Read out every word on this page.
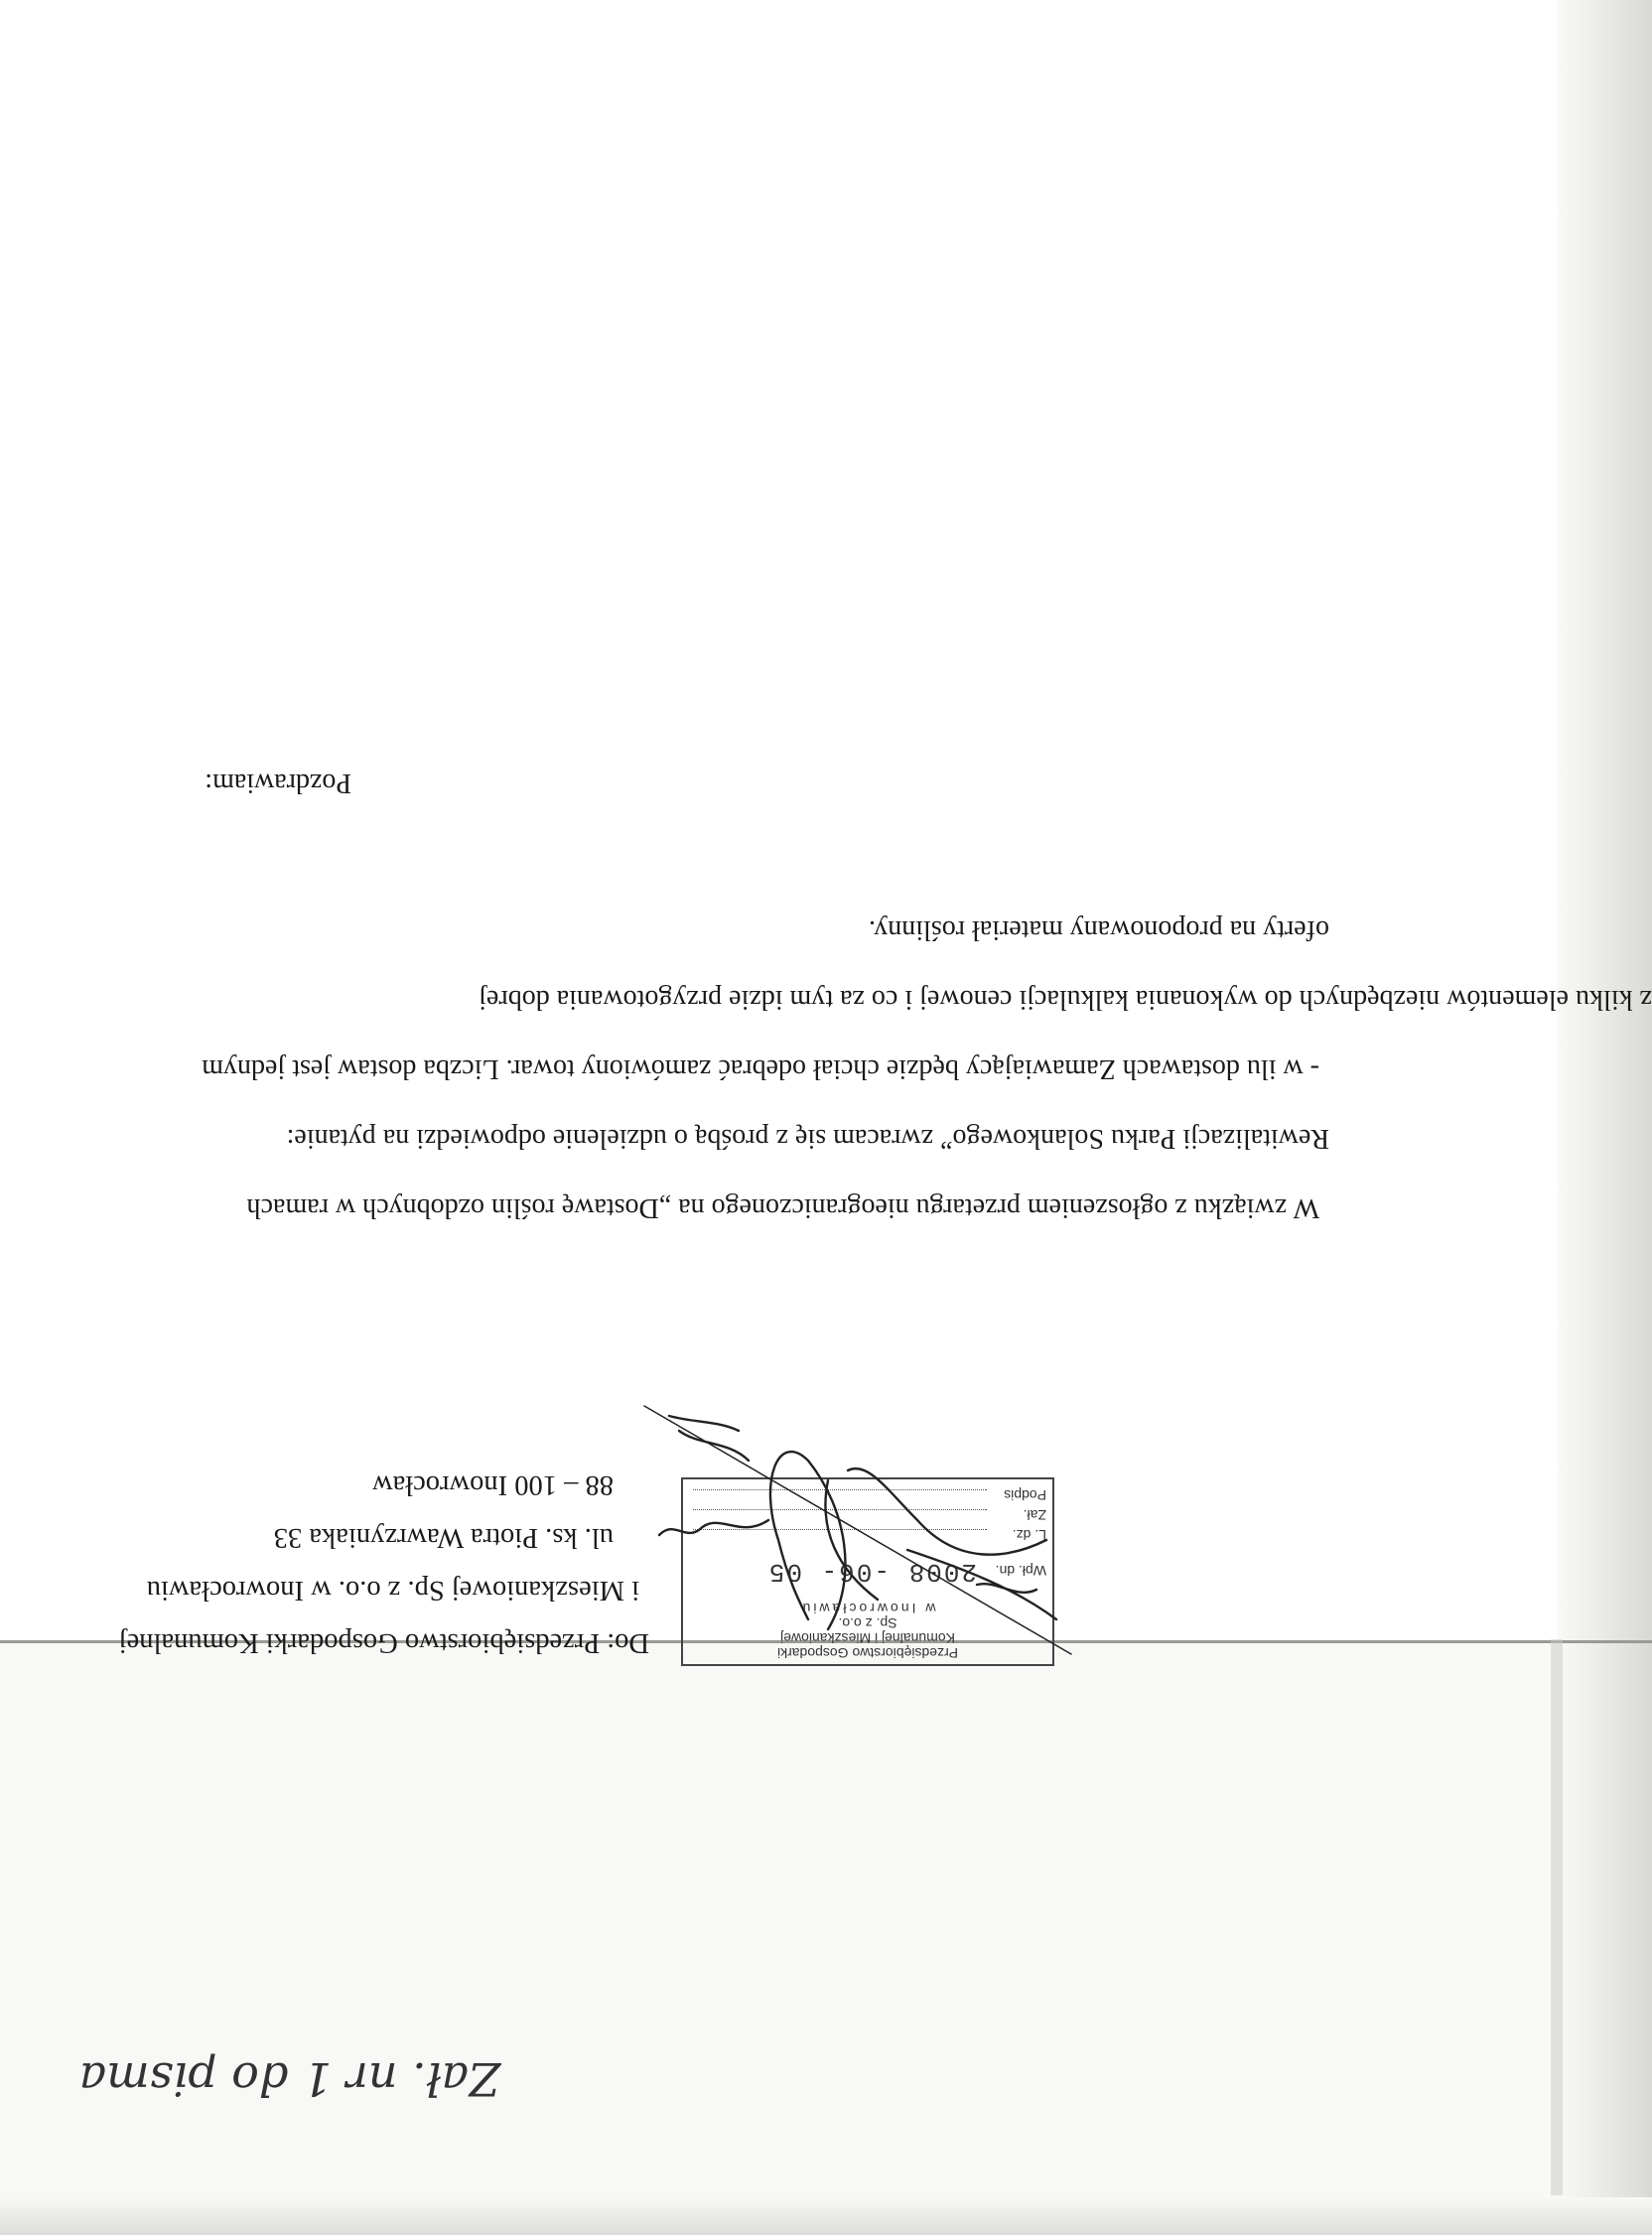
Zał. nr 1 do pisma
Do: Przedsiębiorstwo Gospodarki Komunalnej
i Mieszkaniowej Sp. z o.o. w Inowrocławiu
ul. ks. Piotra Wawrzyniaka 33
88 – 100 Inowrocław
Przedsiębiorstwo Gospodarki
Komunalnej i Mieszkaniowej
Sp. z o.o.
w Inowrocławiu
Wpł. dn.
2008 -06- 05
L. dz.
Zał.
Podpis

W związku z ogłoszeniem przetargu nieograniczonego na „Dostawę roślin ozdobnych w ramach

Rewitalizacji Parku Solankowego” zwracam się z prośbą o udzielenie odpowiedzi na pytanie:

- w ilu dostawach Zamawiający będzie chciał odebrać zamówiony towar. Liczba dostaw jest jednym

z kilku elementów niezbędnych do wykonania kalkulacji cenowej i co za tym idzie przygotowania dobrej

oferty na proponowany materiał roślinny.

Pozdrawiam:
